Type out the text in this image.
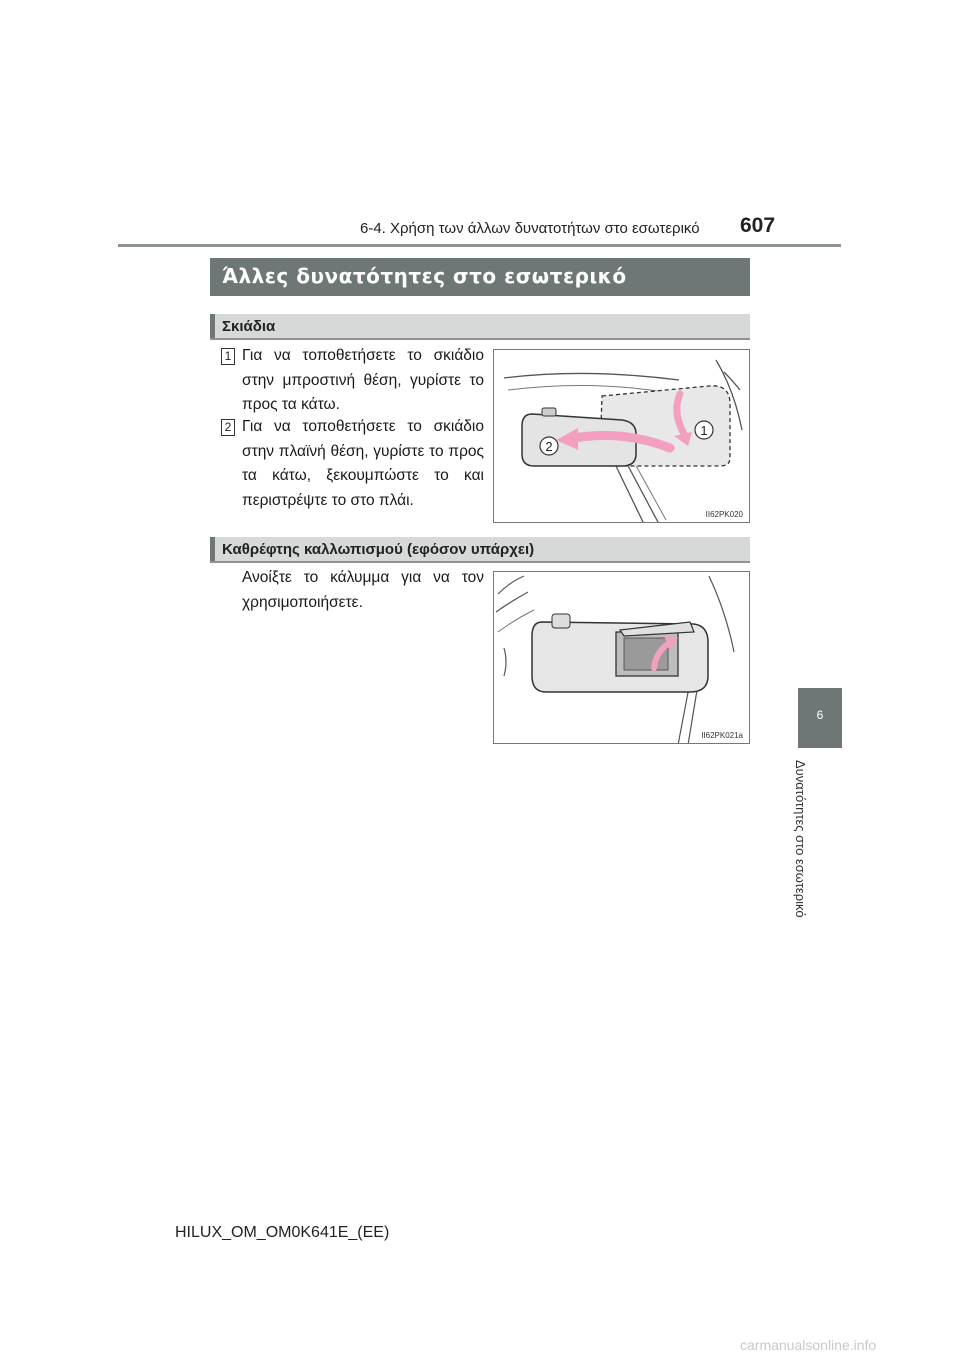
6-4. Χρήση των άλλων δυνατοτήτων στο εσωτερικό 607
Άλλες δυνατότητες στο εσωτερικό
Σκιάδια
1 Για να τοποθετήσετε το σκιάδιο στην μπροστινή θέση, γυρίστε το προς τα κάτω.
2 Για να τοποθετήσετε το σκιάδιο στην πλαϊνή θέση, γυρίστε το προς τα κάτω, ξεκουμπώστε το και περιστρέψτε το στο πλάι.
1
2
II62PK020
Καθρέφτης καλλωπισμού (εφόσον υπάρχει)
Ανοίξτε το κάλυμμα για να τον χρησιμοποιήσετε.
II62PK021a
6
Δυνατότητες στο εσωτερικό
HILUX_OM_OM0K641E_(EE)
carmanualsonline.info
